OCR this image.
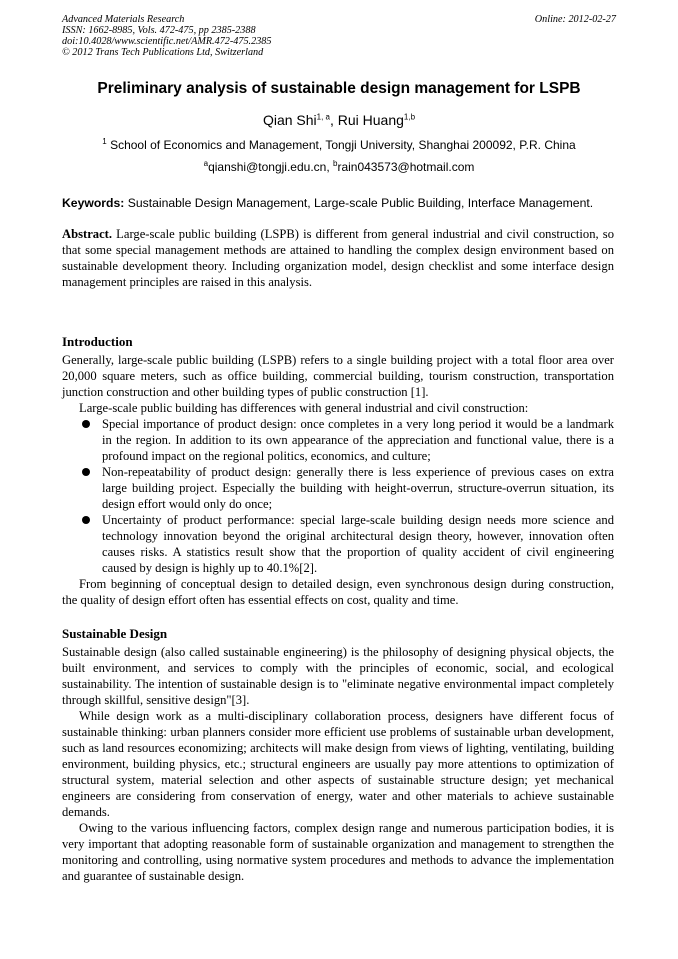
Advanced Materials Research
ISSN: 1662-8985, Vols. 472-475, pp 2385-2388
doi:10.4028/www.scientific.net/AMR.472-475.2385
© 2012 Trans Tech Publications Ltd, Switzerland
Online: 2012-02-27
Preliminary analysis of sustainable design management for LSPB
Qian Shi$^{1, a}$, Rui Huang$^{1,b}$
$^1$ School of Economics and Management, Tongji University, Shanghai 200092, P.R. China
$^a$qianshi@tongji.edu.cn, $^b$rain043573@hotmail.com
Keywords: Sustainable Design Management, Large-scale Public Building, Interface Management.
Abstract. Large-scale public building (LSPB) is different from general industrial and civil construction, so that some special management methods are attained to handling the complex design environment based on sustainable development theory. Including organization model, design checklist and some interface design management principles are raised in this analysis.
Introduction

Generally, large-scale public building (LSPB) refers to a single building project with a total floor area over 20,000 square meters, such as office building, commercial building, tourism construction, transportation junction construction and other building types of public construction [1].

Large-scale public building has differences with general industrial and civil construction:

Special importance of product design: once completes in a very long period it would be a landmark in the region. In addition to its own appearance of the appreciation and functional value, there is a profound impact on the regional politics, economics, and culture;
Non-repeatability of product design: generally there is less experience of previous cases on extra large building project. Especially the building with height-overrun, structure-overrun situation, its design effort would only do once;
Uncertainty of product performance: special large-scale building design needs more science and technology innovation beyond the original architectural design theory, however, innovation often causes risks. A statistics result show that the proportion of quality accident of civil engineering caused by design is highly up to 40.1%[2].

From beginning of conceptual design to detailed design, even synchronous design during construction, the quality of design effort often has essential effects on cost, quality and time.

Sustainable Design

Sustainable design (also called sustainable engineering) is the philosophy of designing physical objects, the built environment, and services to comply with the principles of economic, social, and ecological sustainability. The intention of sustainable design is to "eliminate negative environmental impact completely through skillful, sensitive design"[3].

While design work as a multi-disciplinary collaboration process, designers have different focus of sustainable thinking: urban planners consider more efficient use problems of sustainable urban development, such as land resources economizing; architects will make design from views of lighting, ventilating, building environment, building physics, etc.; structural engineers are usually pay more attentions to optimization of structural system, material selection and other aspects of sustainable structure design; yet mechanical engineers are considering from conservation of energy, water and other materials to achieve sustainable demands.

Owing to the various influencing factors, complex design range and numerous participation bodies, it is very important that adopting reasonable form of sustainable organization and management to strengthen the monitoring and controlling, using normative system procedures and methods to advance the implementation and guarantee of sustainable design.
